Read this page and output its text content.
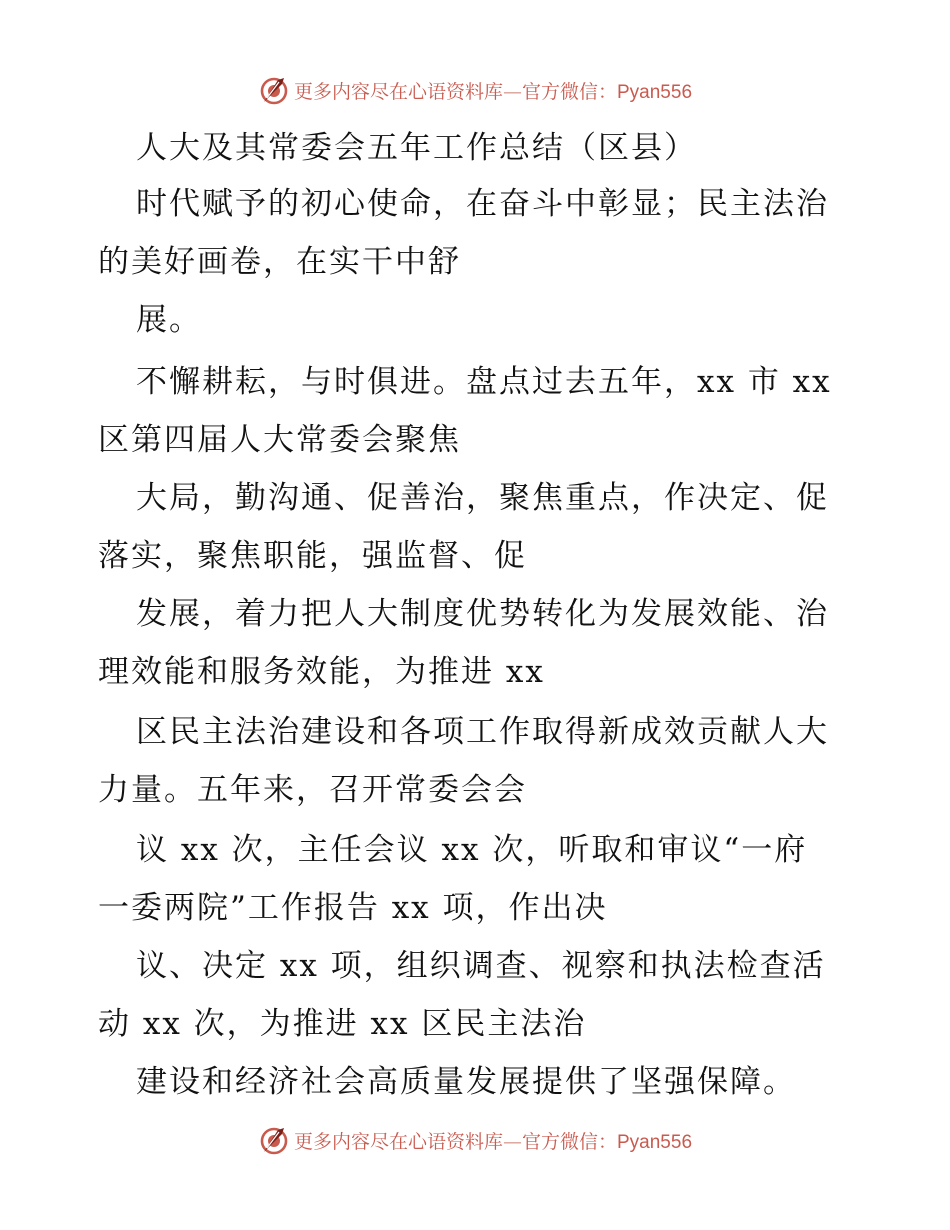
更多内容尽在心语资料库—官方微信：Pyan556
人大及其常委会五年工作总结（区县）
时代赋予的初心使命，在奋斗中彰显；民主法治
的美好画卷，在实干中舒
展。
不懈耕耘，与时俱进。盘点过去五年，xx 市 xx
区第四届人大常委会聚焦
大局，勤沟通、促善治，聚焦重点，作决定、促
落实，聚焦职能，强监督、促
发展，着力把人大制度优势转化为发展效能、治
理效能和服务效能，为推进 xx
区民主法治建设和各项工作取得新成效贡献人大
力量。五年来，召开常委会会
议 xx 次，主任会议 xx 次，听取和审议“一府
一委两院”工作报告 xx 项，作出决
议、决定 xx 项，组织调查、视察和执法检查活
动 xx 次，为推进 xx 区民主法治
建设和经济社会高质量发展提供了坚强保障。
更多内容尽在心语资料库—官方微信：Pyan556
